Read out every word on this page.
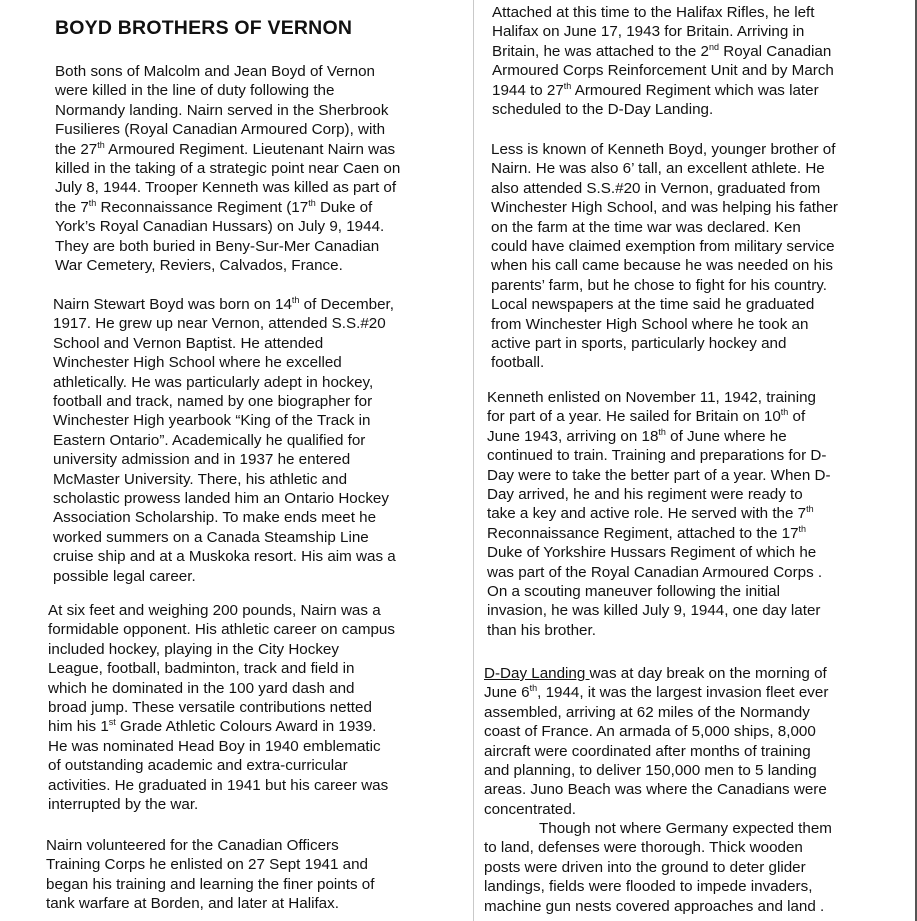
BOYD BROTHERS OF VERNON

Both sons of Malcolm and Jean Boyd of Vernon
were killed in the line of duty following the
Normandy landing. Nairn served in the Sherbrook
Fusilieres (Royal Canadian Armoured Corp), with
the 27th Armoured Regiment. Lieutenant Nairn was
killed in the taking of a strategic point near Caen on
July 8, 1944. Trooper Kenneth was killed as part of
the 7th Reconnaissance Regiment (17th Duke of
York’s Royal Canadian Hussars) on July 9, 1944.
They are both buried in Beny-Sur-Mer Canadian
War Cemetery, Reviers, Calvados, France.

Nairn Stewart Boyd was born on 14th of December,
1917. He grew up near Vernon, attended S.S.#20
School and Vernon Baptist. He attended
Winchester High School where he excelled
athletically. He was particularly adept in hockey,
football and track, named by one biographer for
Winchester High yearbook “King of the Track in
Eastern Ontario”. Academically he qualified for
university admission and in 1937 he entered
McMaster University. There, his athletic and
scholastic prowess landed him an Ontario Hockey
Association Scholarship. To make ends meet he
worked summers on a Canada Steamship Line
cruise ship and at a Muskoka resort. His aim was a
possible legal career.

At six feet and weighing 200 pounds, Nairn was a
formidable opponent. His athletic career on campus
included hockey, playing in the City Hockey
League, football, badminton, track and field in
which he dominated in the 100 yard dash and
broad jump. These versatile contributions netted
him his 1st Grade Athletic Colours Award in 1939.
He was nominated Head Boy in 1940 emblematic
of outstanding academic and extra-curricular
activities. He graduated in 1941 but his career was
interrupted by the war.

Nairn volunteered for the Canadian Officers
Training Corps he enlisted on 27 Sept 1941 and
began his training and learning the finer points of
tank warfare at Borden, and later at Halifax.

Attached at this time to the Halifax Rifles, he left
Halifax on June 17, 1943 for Britain. Arriving in
Britain, he was attached to the 2nd Royal Canadian
Armoured Corps Reinforcement Unit and by March
1944 to 27th Armoured Regiment which was later
scheduled to the D-Day Landing.

Less is known of Kenneth Boyd, younger brother of
Nairn. He was also 6’ tall, an excellent athlete. He
also attended S.S.#20 in Vernon, graduated from
Winchester High School, and was helping his father
on the farm at the time war was declared. Ken
could have claimed exemption from military service
when his call came because he was needed on his
parents’ farm, but he chose to fight for his country.
Local newspapers at the time said he graduated
from Winchester High School where he took an
active part in sports, particularly hockey and
football.

Kenneth enlisted on November 11, 1942, training
for part of a year. He sailed for Britain on 10th of
June 1943, arriving on 18th of June where he
continued to train. Training and preparations for D-
Day were to take the better part of a year. When D-
Day arrived, he and his regiment were ready to
take a key and active role. He served with the 7th
Reconnaissance Regiment, attached to the 17th
Duke of Yorkshire Hussars Regiment of which he
was part of the Royal Canadian Armoured Corps .
On a scouting maneuver following the initial
invasion, he was killed July 9, 1944, one day later
than his brother.

D-Day Landing was at day break on the morning of
June 6th, 1944, it was the largest invasion fleet ever
assembled, arriving at 62 miles of the Normandy
coast of France. An armada of 5,000 ships, 8,000
aircraft were coordinated after months of training
and planning, to deliver 150,000 men to 5 landing
areas. Juno Beach was where the Canadians were
concentrated.

Though not where Germany expected them
to land, defenses were thorough. Thick wooden
posts were driven into the ground to deter glider
landings, fields were flooded to impede invaders,
machine gun nests covered approaches and land .
